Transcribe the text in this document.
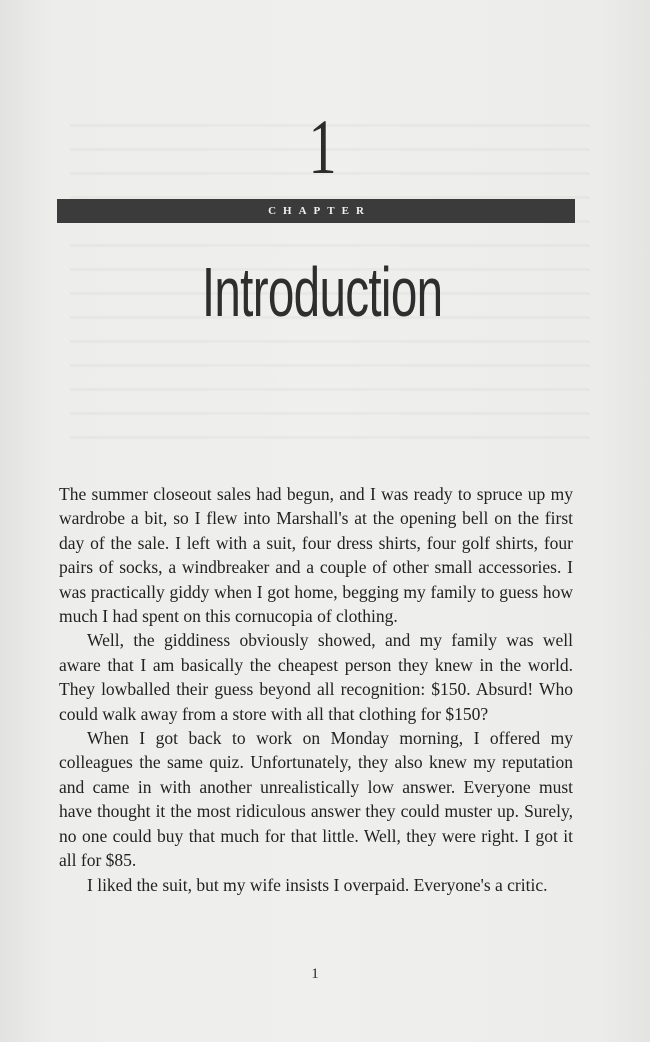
1
CHAPTER
Introduction

The summer closeout sales had begun, and I was ready to spruce up my wardrobe a bit, so I flew into Marshall's at the opening bell on the first day of the sale. I left with a suit, four dress shirts, four golf shirts, four pairs of socks, a windbreaker and a couple of other small accessories. I was practically giddy when I got home, begging my family to guess how much I had spent on this cornucopia of clothing.

Well, the giddiness obviously showed, and my family was well aware that I am basically the cheapest person they knew in the world. They lowballed their guess beyond all recognition: $150. Absurd! Who could walk away from a store with all that clothing for $150?

When I got back to work on Monday morning, I offered my colleagues the same quiz. Unfortunately, they also knew my reputation and came in with another unrealistically low answer. Everyone must have thought it the most ridiculous answer they could muster up. Surely, no one could buy that much for that little. Well, they were right. I got it all for $85.

I liked the suit, but my wife insists I overpaid. Everyone's a critic.

1
